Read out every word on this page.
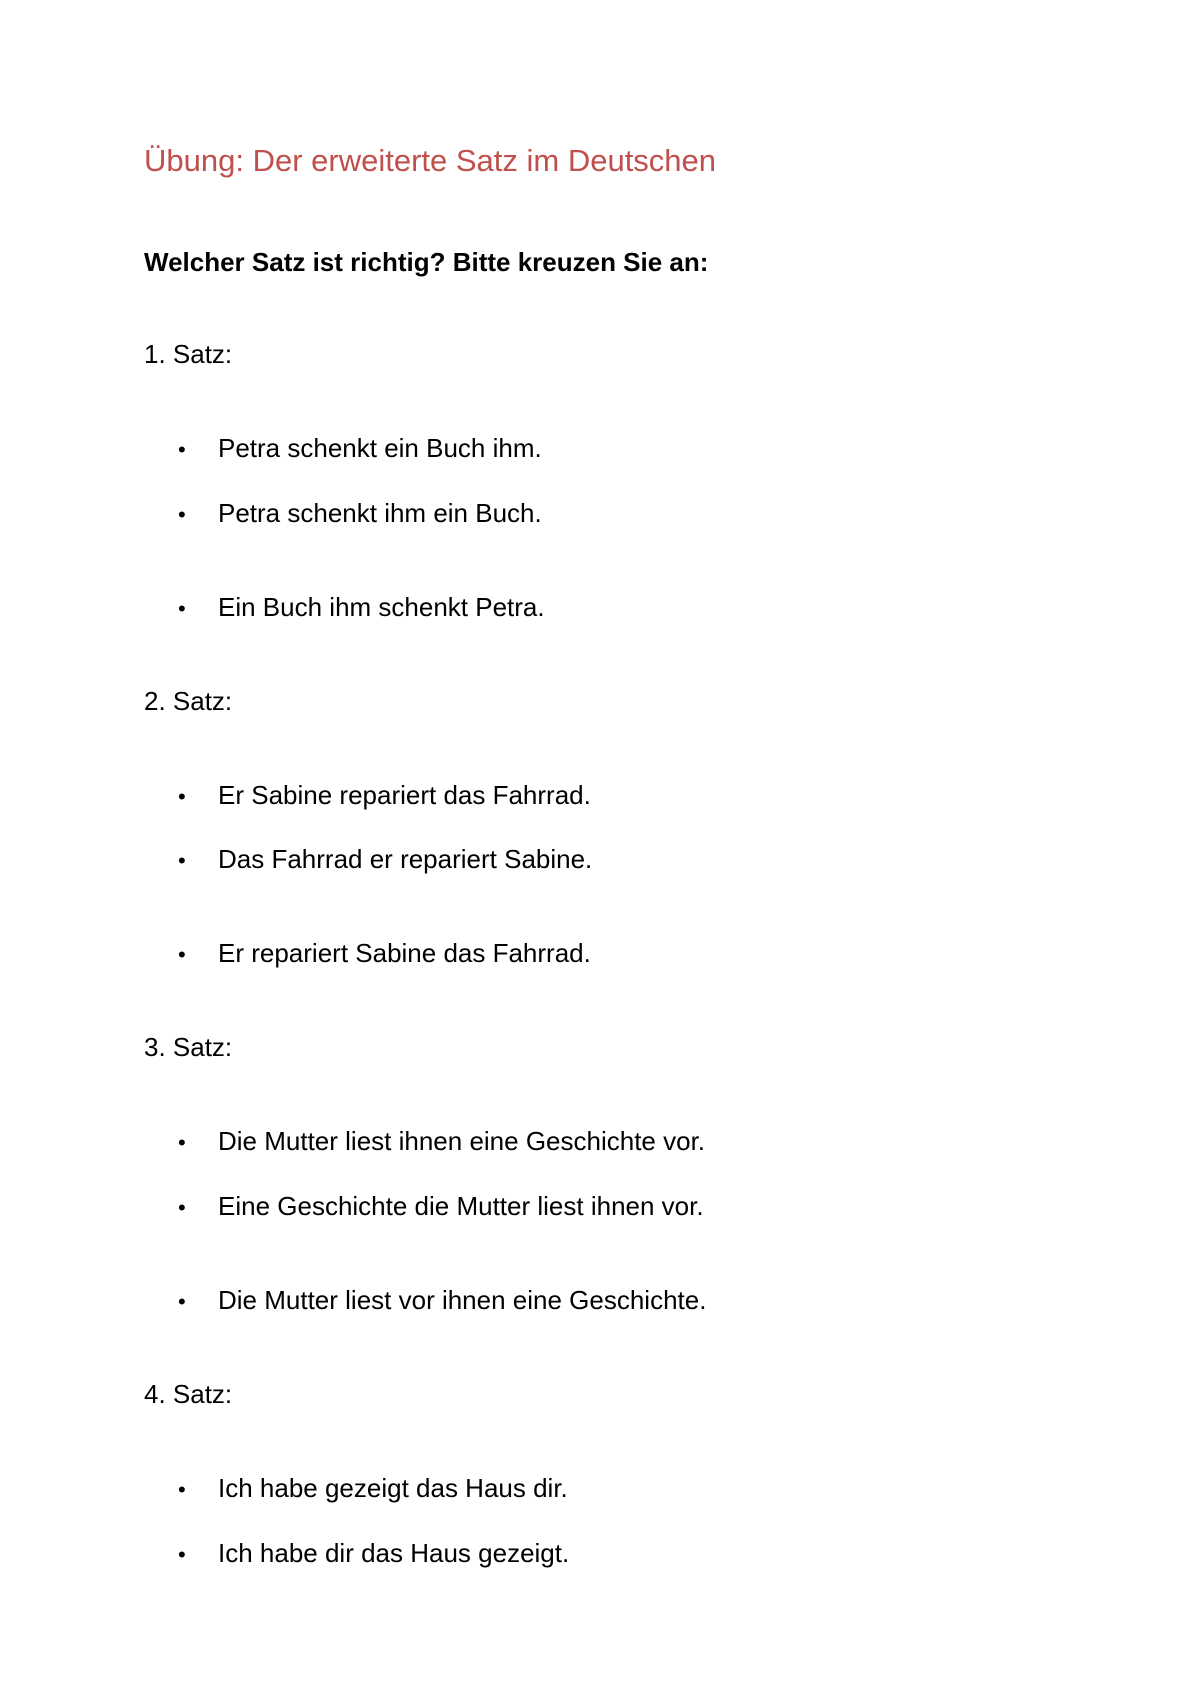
Übung: Der erweiterte Satz im Deutschen
Welcher Satz ist richtig? Bitte kreuzen Sie an:
1. Satz:
• Petra schenkt ein Buch ihm.
• Petra schenkt ihm ein Buch.
• Ein Buch ihm schenkt Petra.
2. Satz:
• Er Sabine repariert das Fahrrad.
• Das Fahrrad er repariert Sabine.
• Er repariert Sabine das Fahrrad.
3. Satz:
• Die Mutter liest ihnen eine Geschichte vor.
• Eine Geschichte die Mutter liest ihnen vor.
• Die Mutter liest vor ihnen eine Geschichte.
4. Satz:
• Ich habe gezeigt das Haus dir.
• Ich habe dir das Haus gezeigt.
